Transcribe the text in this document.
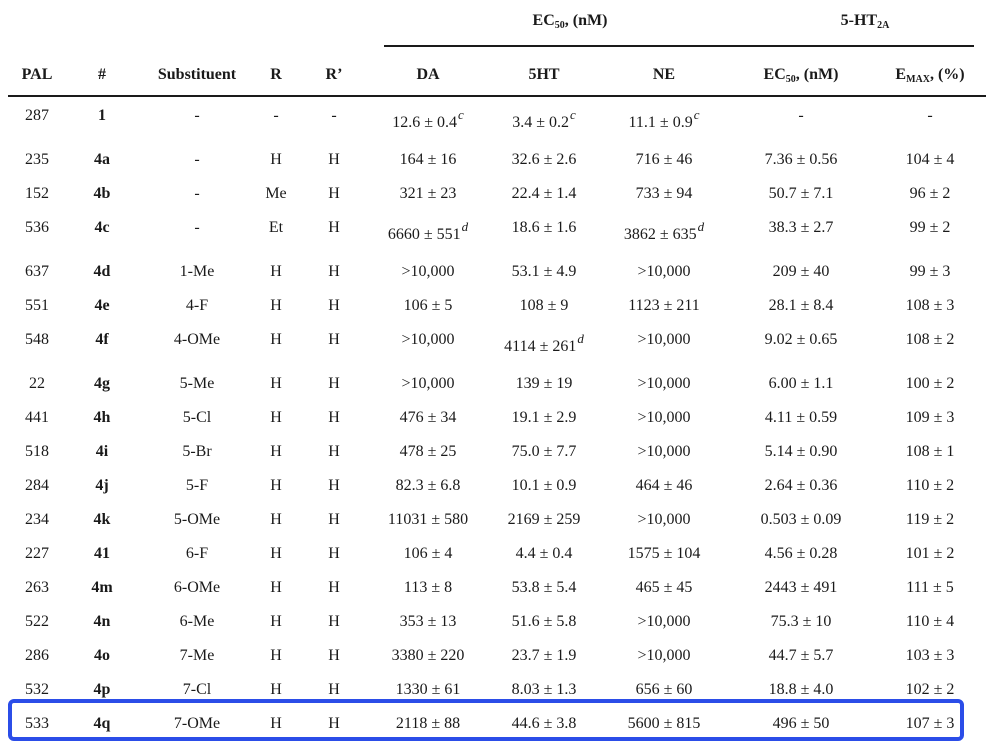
$EC_{50}$, (nM)	$5-HT_{2A}$
PAL	#	Substituent	R	R’	DA	5HT	NE	$EC_{50}$, (nM)	$E_{MAX}$, (%)
287	1	-	-	-	12.6 ± 0.4$^c$	3.4 ± 0.2$^c$	11.1 ± 0.9$^c$	-	-
235	4a	-	H	H	164 ± 16	32.6 ± 2.6	716 ± 46	7.36 ± 0.56	104 ± 4
152	4b	-	Me	H	321 ± 23	22.4 ± 1.4	733 ± 94	50.7 ± 7.1	96 ± 2
536	4c	-	Et	H	$6660 \pm 551^d$	18.6 ± 1.6	$3862 \pm 635^d$	38.3 ± 2.7	99 ± 2
637	4d	1-Me	H	H	>10,000	53.1 ± 4.9	>10,000	209 ± 40	99 ± 3
551	4e	4-F	H	H	106 ± 5	108 ± 9	1123 ± 211	28.1 ± 8.4	108 ± 3
548	4f	4-OMe	H	H	>10,000	$4114 \pm 261^d$	>10,000	9.02 ± 0.65	108 ± 2
22	4g	5-Me	H	H	>10,000	139 ± 19	>10,000	6.00 ± 1.1	100 ± 2
441	4h	5-Cl	H	H	476 ± 34	19.1 ± 2.9	>10,000	4.11 ± 0.59	109 ± 3
518	4i	5-Br	H	H	478 ± 25	75.0 ± 7.7	>10,000	5.14 ± 0.90	108 ± 1
284	4j	5-F	H	H	82.3 ± 6.8	10.1 ± 0.9	464 ± 46	2.64 ± 0.36	110 ± 2
234	4k	5-OMe	H	H	11031 ± 580	2169 ± 259	>10,000	0.503 ± 0.09	119 ± 2
227	41	6-F	H	H	106 ± 4	4.4 ± 0.4	1575 ± 104	4.56 ± 0.28	101 ± 2
263	4m	6-OMe	H	H	113 ± 8	53.8 ± 5.4	465 ± 45	2443 ± 491	111 ± 5
522	4n	6-Me	H	H	353 ± 13	51.6 ± 5.8	>10,000	75.3 ± 10	110 ± 4
286	4o	7-Me	H	H	3380 ± 220	23.7 ± 1.9	>10,000	44.7 ± 5.7	103 ± 3
532	4p	7-Cl	H	H	1330 ± 61	8.03 ± 1.3	656 ± 60	18.8 ± 4.0	102 ± 2
533	4q	7-OMe	H	H	2118 ± 88	44.6 ± 3.8	5600 ± 815	496 ± 50	107 ± 3
